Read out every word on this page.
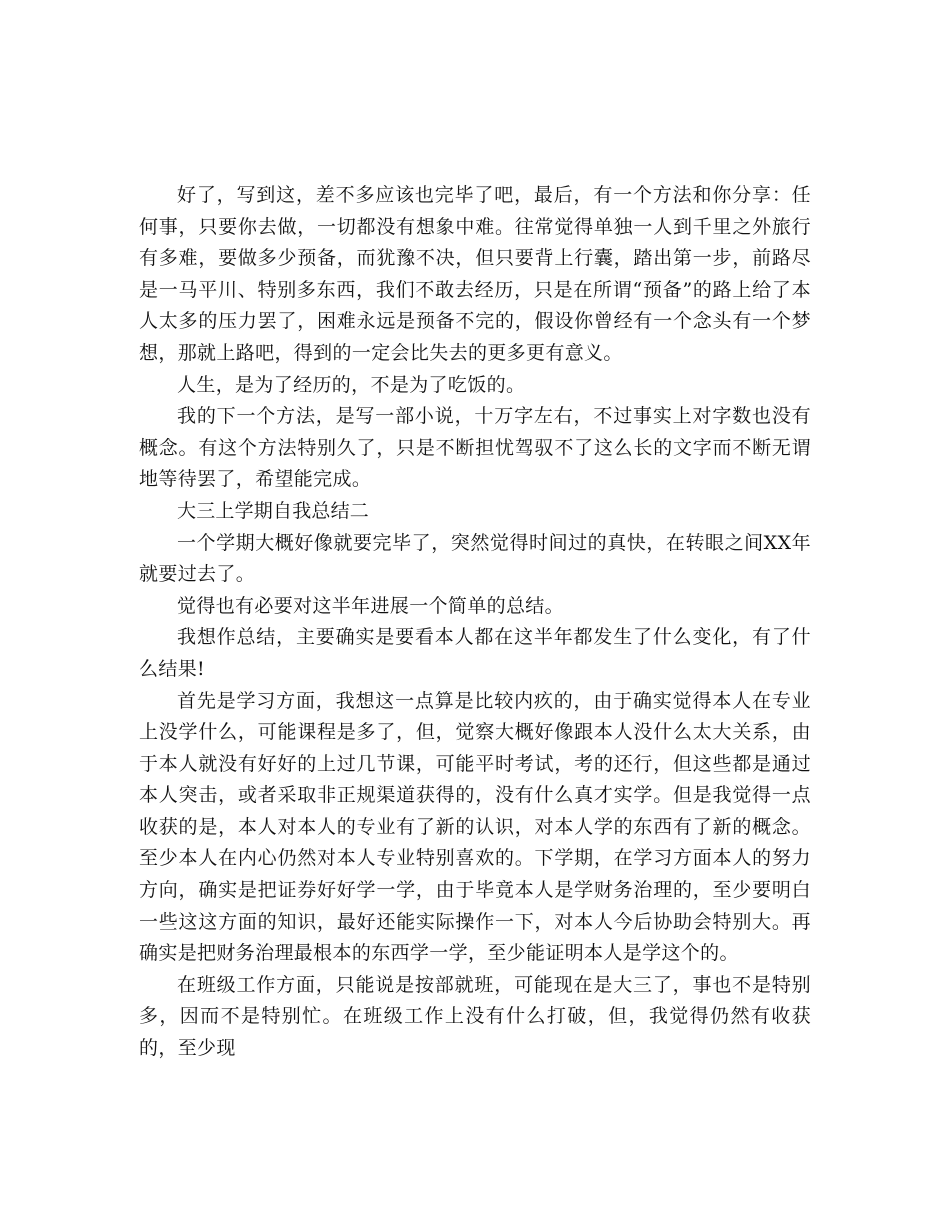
好了，写到这，差不多应该也完毕了吧，最后，有一个方法和你分享：任何事，只要你去做，一切都没有想象中难。往常觉得单独一人到千里之外旅行有多难，要做多少预备，而犹豫不决，但只要背上行囊，踏出第一步，前路尽是一马平川、特别多东西，我们不敢去经历，只是在所谓“预备”的路上给了本人太多的压力罢了，困难永远是预备不完的，假设你曾经有一个念头有一个梦想，那就上路吧，得到的一定会比失去的更多更有意义。

人生，是为了经历的，不是为了吃饭的。

我的下一个方法，是写一部小说，十万字左右，不过事实上对字数也没有概念。有这个方法特别久了，只是不断担忧驾驭不了这么长的文字而不断无谓地等待罢了，希望能完成。

大三上学期自我总结二

一个学期大概好像就要完毕了，突然觉得时间过的真快，在转眼之间XX年就要过去了。

觉得也有必要对这半年进展一个简单的总结。

我想作总结，主要确实是要看本人都在这半年都发生了什么变化，有了什么结果!

首先是学习方面，我想这一点算是比较内疚的，由于确实觉得本人在专业上没学什么，可能课程是多了，但，觉察大概好像跟本人没什么太大关系，由于本人就没有好好的上过几节课，可能平时考试，考的还行，但这些都是通过本人突击，或者采取非正规渠道获得的，没有什么真才实学。但是我觉得一点收获的是，本人对本人的专业有了新的认识，对本人学的东西有了新的概念。至少本人在内心仍然对本人专业特别喜欢的。下学期，在学习方面本人的努力方向，确实是把证券好好学一学，由于毕竟本人是学财务治理的，至少要明白一些这这方面的知识，最好还能实际操作一下，对本人今后协助会特别大。再确实是把财务治理最根本的东西学一学，至少能证明本人是学这个的。

在班级工作方面，只能说是按部就班，可能现在是大三了，事也不是特别多，因而不是特别忙。在班级工作上没有什么打破，但，我觉得仍然有收获的，至少现
